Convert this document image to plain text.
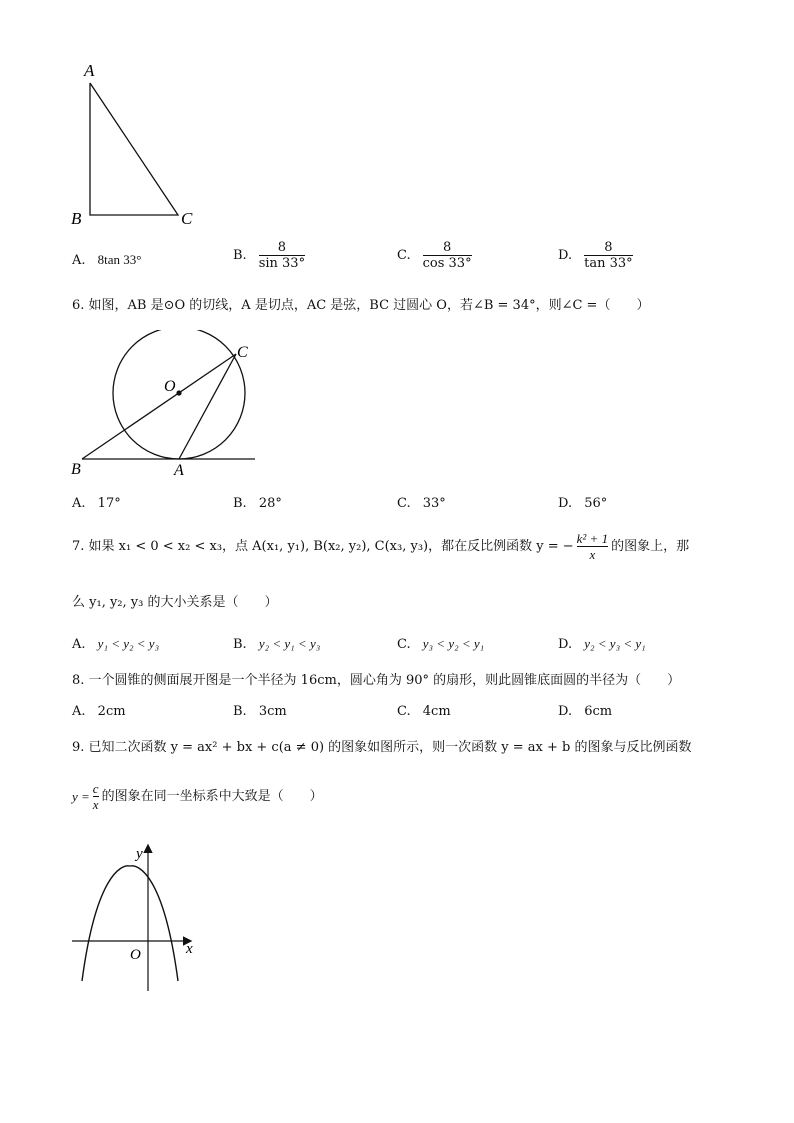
A
B	C
A. 8tan 33°	B. $\frac{8}{\sin 33^\circ}$	C. $\frac{8}{\cos 33^\circ}$	D. $\frac{8}{\tan 33^\circ}$
6. 如图，AB 是⊙O 的切线，A 是切点，AC 是弦，BC 过圆心 O，若∠B = 34°，则∠C =（　　）
O
C
B	A
A. 17°	B. 28°	C. 33°	D. 56°
7. 如果 x₁ < 0 < x₂ < x₃，点 A(x₁, y₁), B(x₂, y₂), C(x₃, y₃)，都在反比例函数 y = − $\frac{\text{k² + 1}}{x}$ 的图象上，那
么 y₁, y₂, y₃ 的大小关系是（　　）
A. y₁ < y₂ < y₃	B. y₂ < y₁ < y₃	C. y₃ < y₂ < y₁	D. y₂ < y₃ < y₁
8. 一个圆锥的侧面展开图是一个半径为 16cm，圆心角为 90° 的扇形，则此圆锥底面圆的半径为（　　）
A. 2cm	B. 3cm	C. 4cm	D. 6cm
9. 已知二次函数 y = ax² + bx + c(a ≠ 0) 的图象如图所示，则一次函数 y = ax + b 的图象与反比例函数
$y = \frac{c}{x}$ 的图象在同一坐标系中大致是（　　）
y
x
O
